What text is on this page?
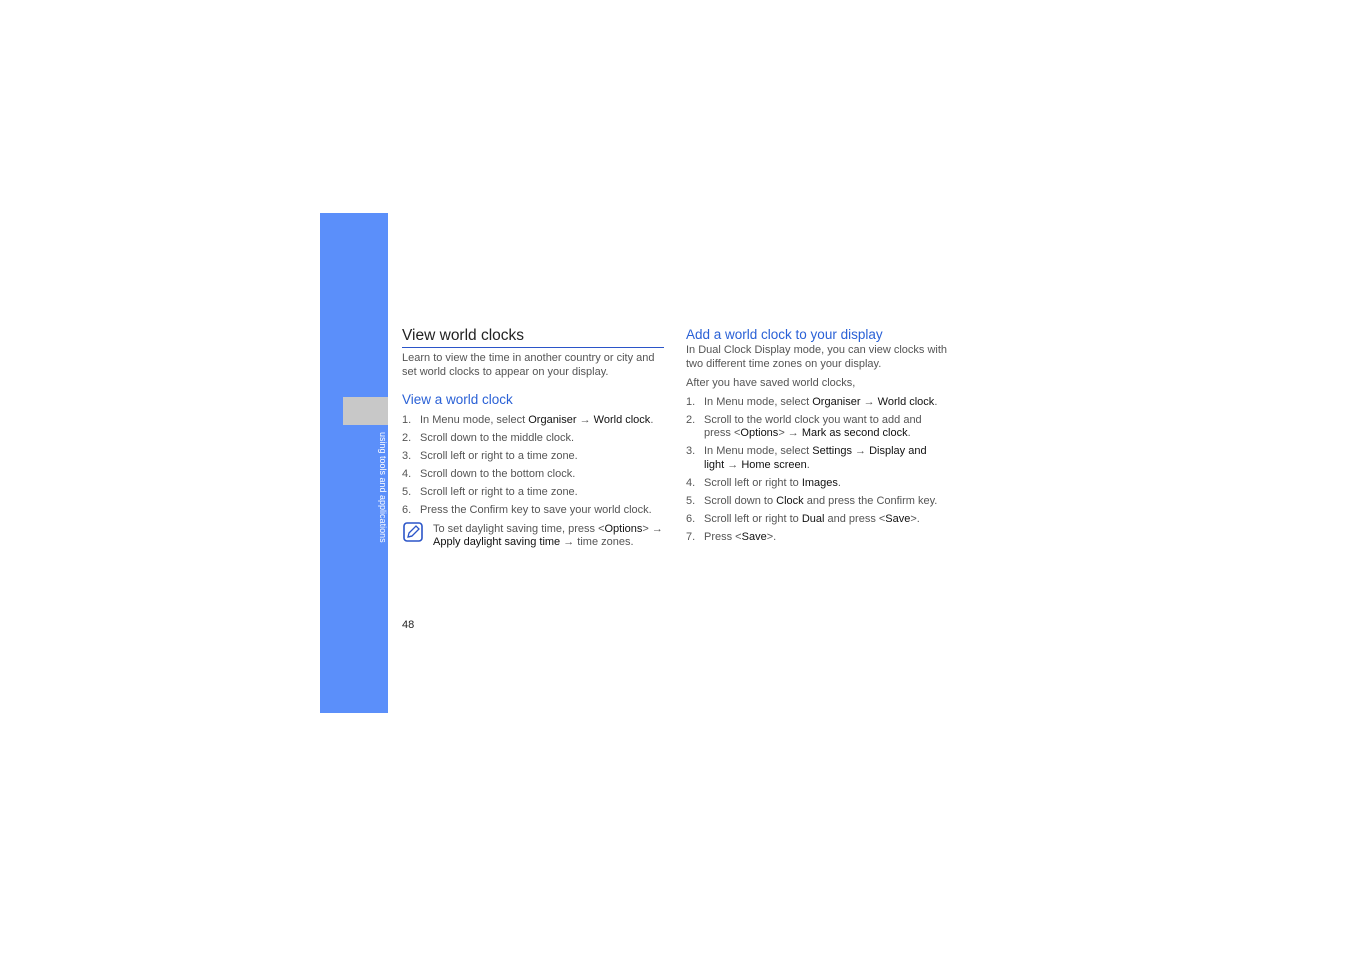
using tools and applications
View world clocks

Learn to view the time in another country or city and set world clocks to appear on your display.

View a world clock
1. In Menu mode, select Organiser → World clock.
2. Scroll down to the middle clock.
3. Scroll left or right to a time zone.
4. Scroll down to the bottom clock.
5. Scroll left or right to a time zone.
6. Press the Confirm key to save your world clock.
To set daylight saving time, press <Options> → Apply daylight saving time → time zones.
Add a world clock to your display

In Dual Clock Display mode, you can view clocks with two different time zones on your display.

After you have saved world clocks,

1. In Menu mode, select Organiser → World clock.
2. Scroll to the world clock you want to add and press <Options> → Mark as second clock.
3. In Menu mode, select Settings → Display and light → Home screen.
4. Scroll left or right to Images.
5. Scroll down to Clock and press the Confirm key.
6. Scroll left or right to Dual and press <Save>.
7. Press <Save>.
48
